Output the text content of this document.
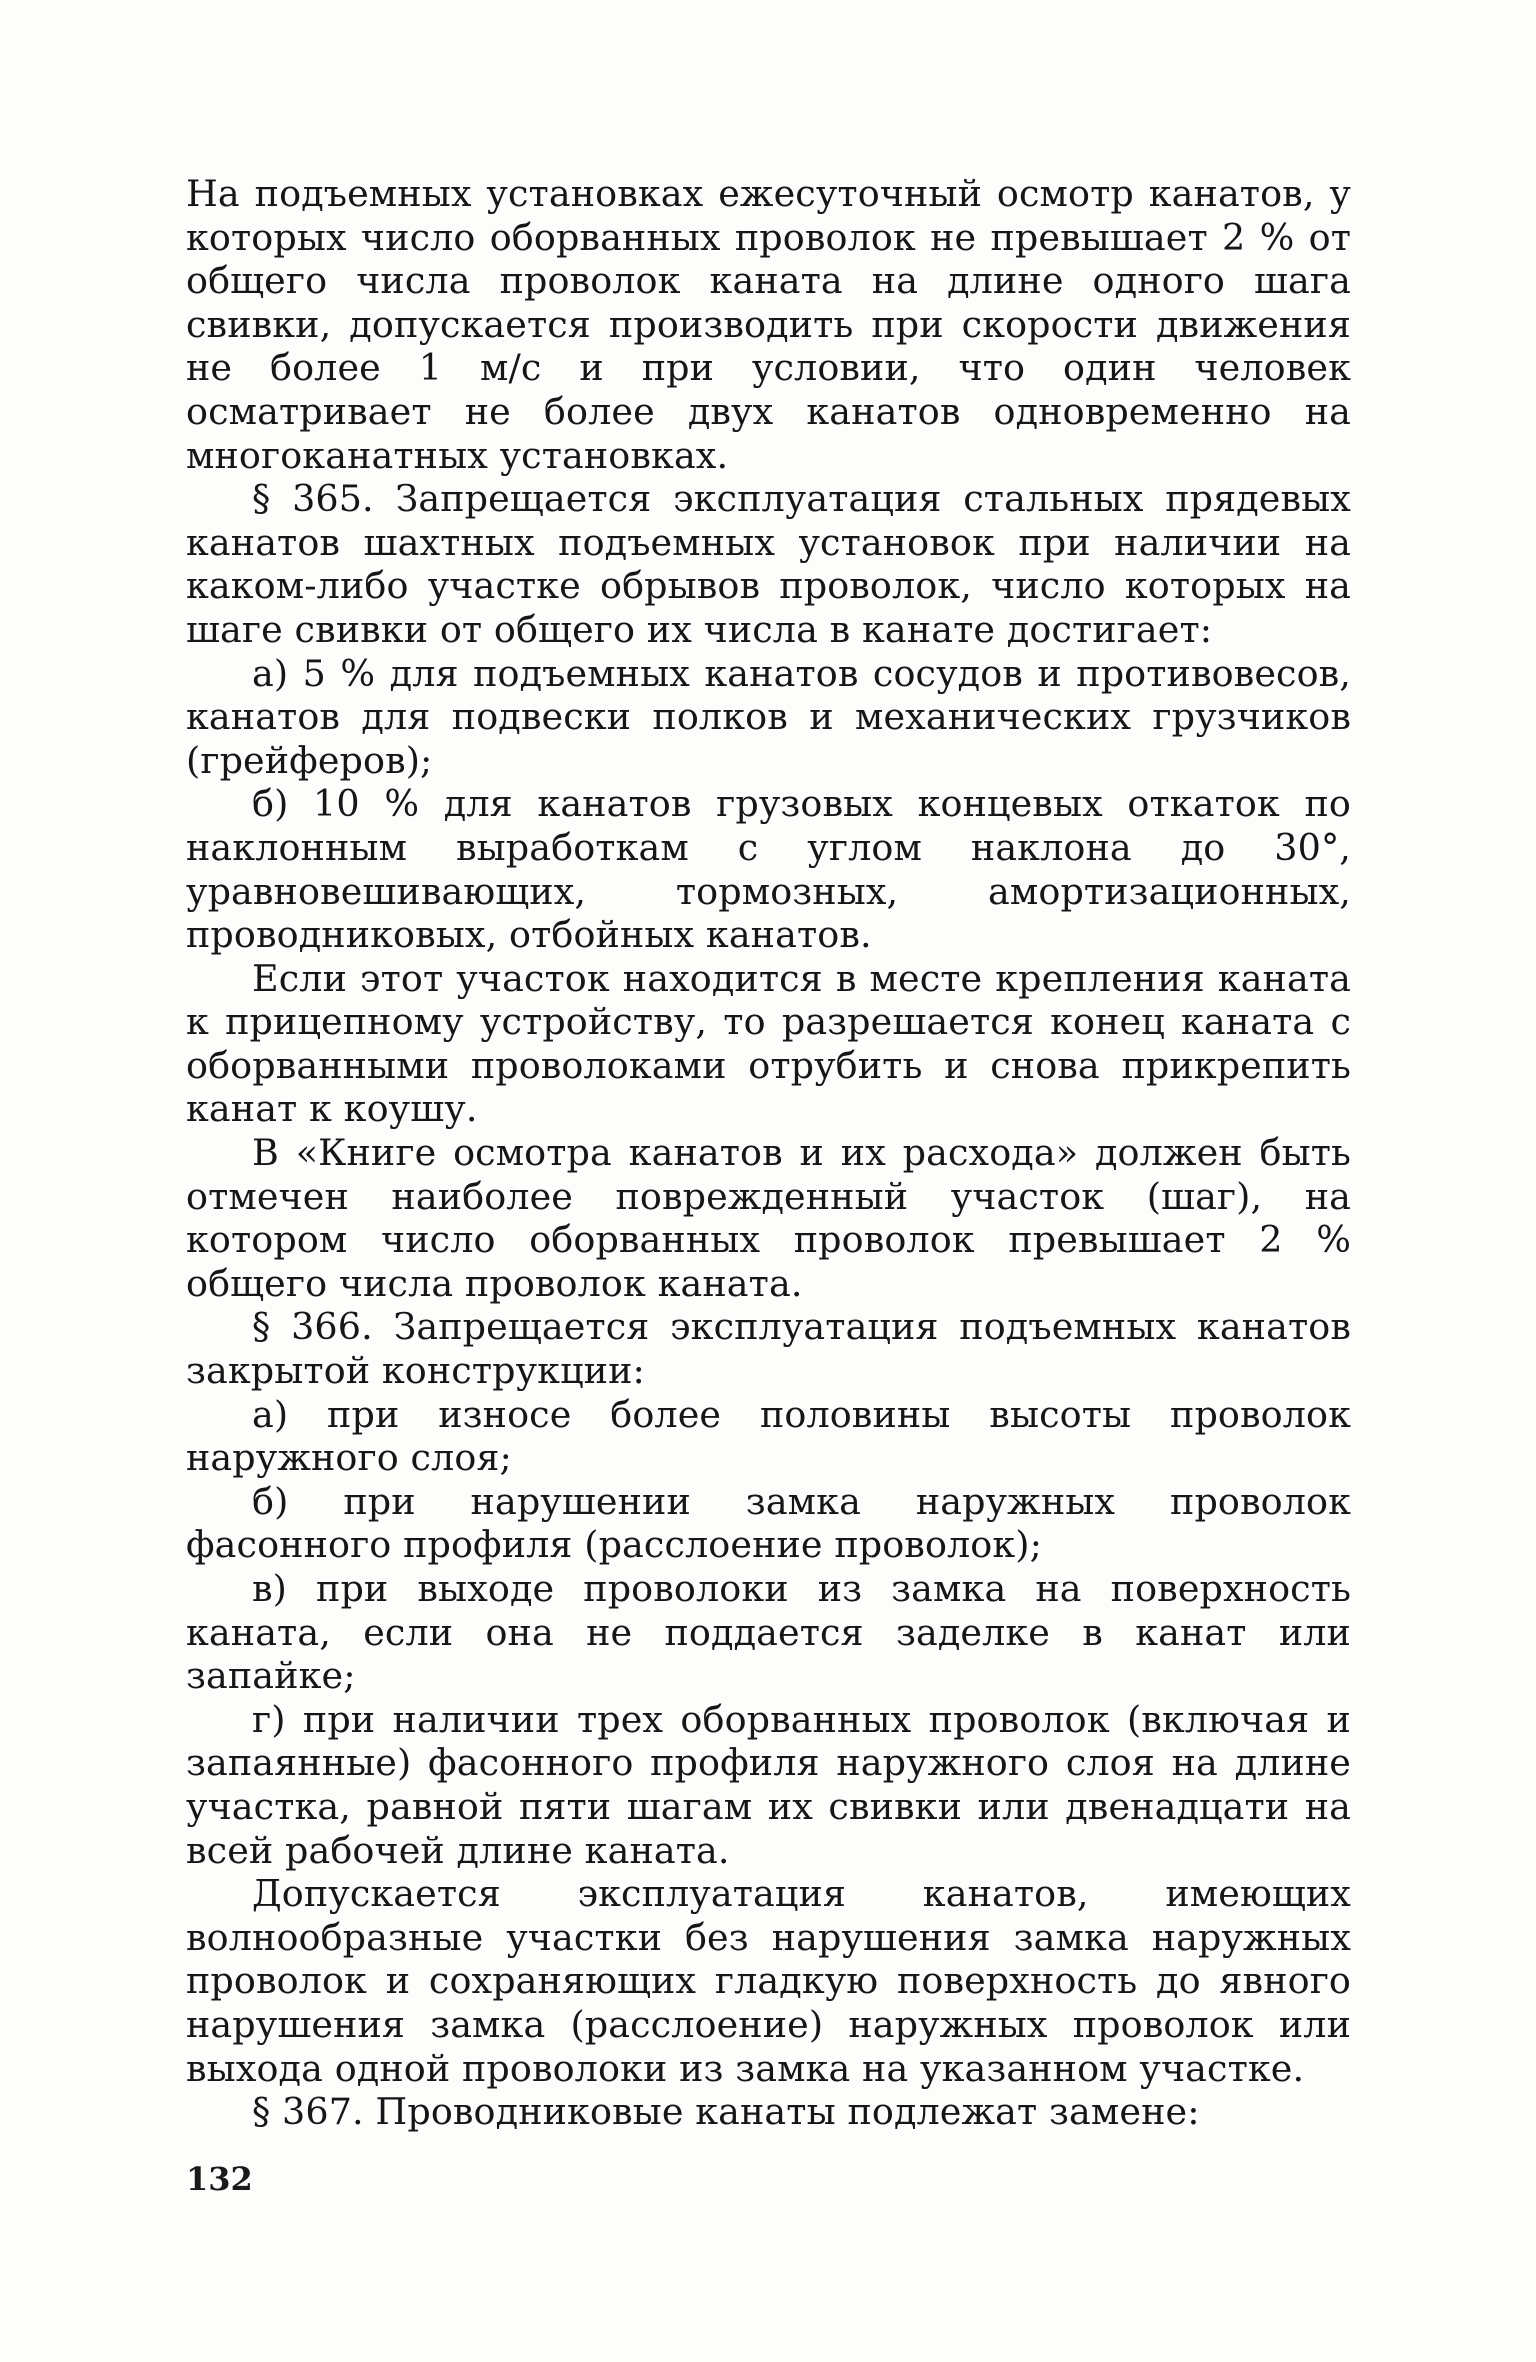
На подъемных установках ежесуточный осмотр канатов, у которых число оборванных проволок не превышает 2 % от общего числа проволок каната на длине одного шага свивки, допускается производить при скорости движения не более 1 м/с и при условии, что один человек осматривает не более двух канатов одновременно на многоканатных установках.

§ 365. Запрещается эксплуатация стальных прядевых канатов шахтных подъемных установок при наличии на каком-либо участке обрывов проволок, число которых на шаге свивки от общего их числа в канате достигает:

а) 5 % для подъемных канатов сосудов и противовесов, канатов для подвески полков и механических грузчиков (грейферов);

б) 10 % для канатов грузовых концевых откаток по наклонным выработкам с углом наклона до 30°, уравновешивающих, тормозных, амортизационных, проводниковых, отбойных канатов.

Если этот участок находится в месте крепления каната к прицепному устройству, то разрешается конец каната с оборванными проволоками отрубить и снова прикрепить канат к коушу.

В «Книге осмотра канатов и их расхода» должен быть отмечен наиболее поврежденный участок (шаг), на котором число оборванных проволок превышает 2 % общего числа проволок каната.

§ 366. Запрещается эксплуатация подъемных канатов закрытой конструкции:

а) при износе более половины высоты проволок наружного слоя;

б) при нарушении замка наружных проволок фасонного профиля (расслоение проволок);

в) при выходе проволоки из замка на поверхность каната, если она не поддается заделке в канат или запайке;

г) при наличии трех оборванных проволок (включая и запаянные) фасонного профиля наружного слоя на длине участка, равной пяти шагам их свивки или двенадцати на всей рабочей длине каната.

Допускается эксплуатация канатов, имеющих волнообразные участки без нарушения замка наружных проволок и сохраняющих гладкую поверхность до явного нарушения замка (расслоение) наружных проволок или выхода одной проволоки из замка на указанном участке.

§ 367. Проводниковые канаты подлежат замене:

132
